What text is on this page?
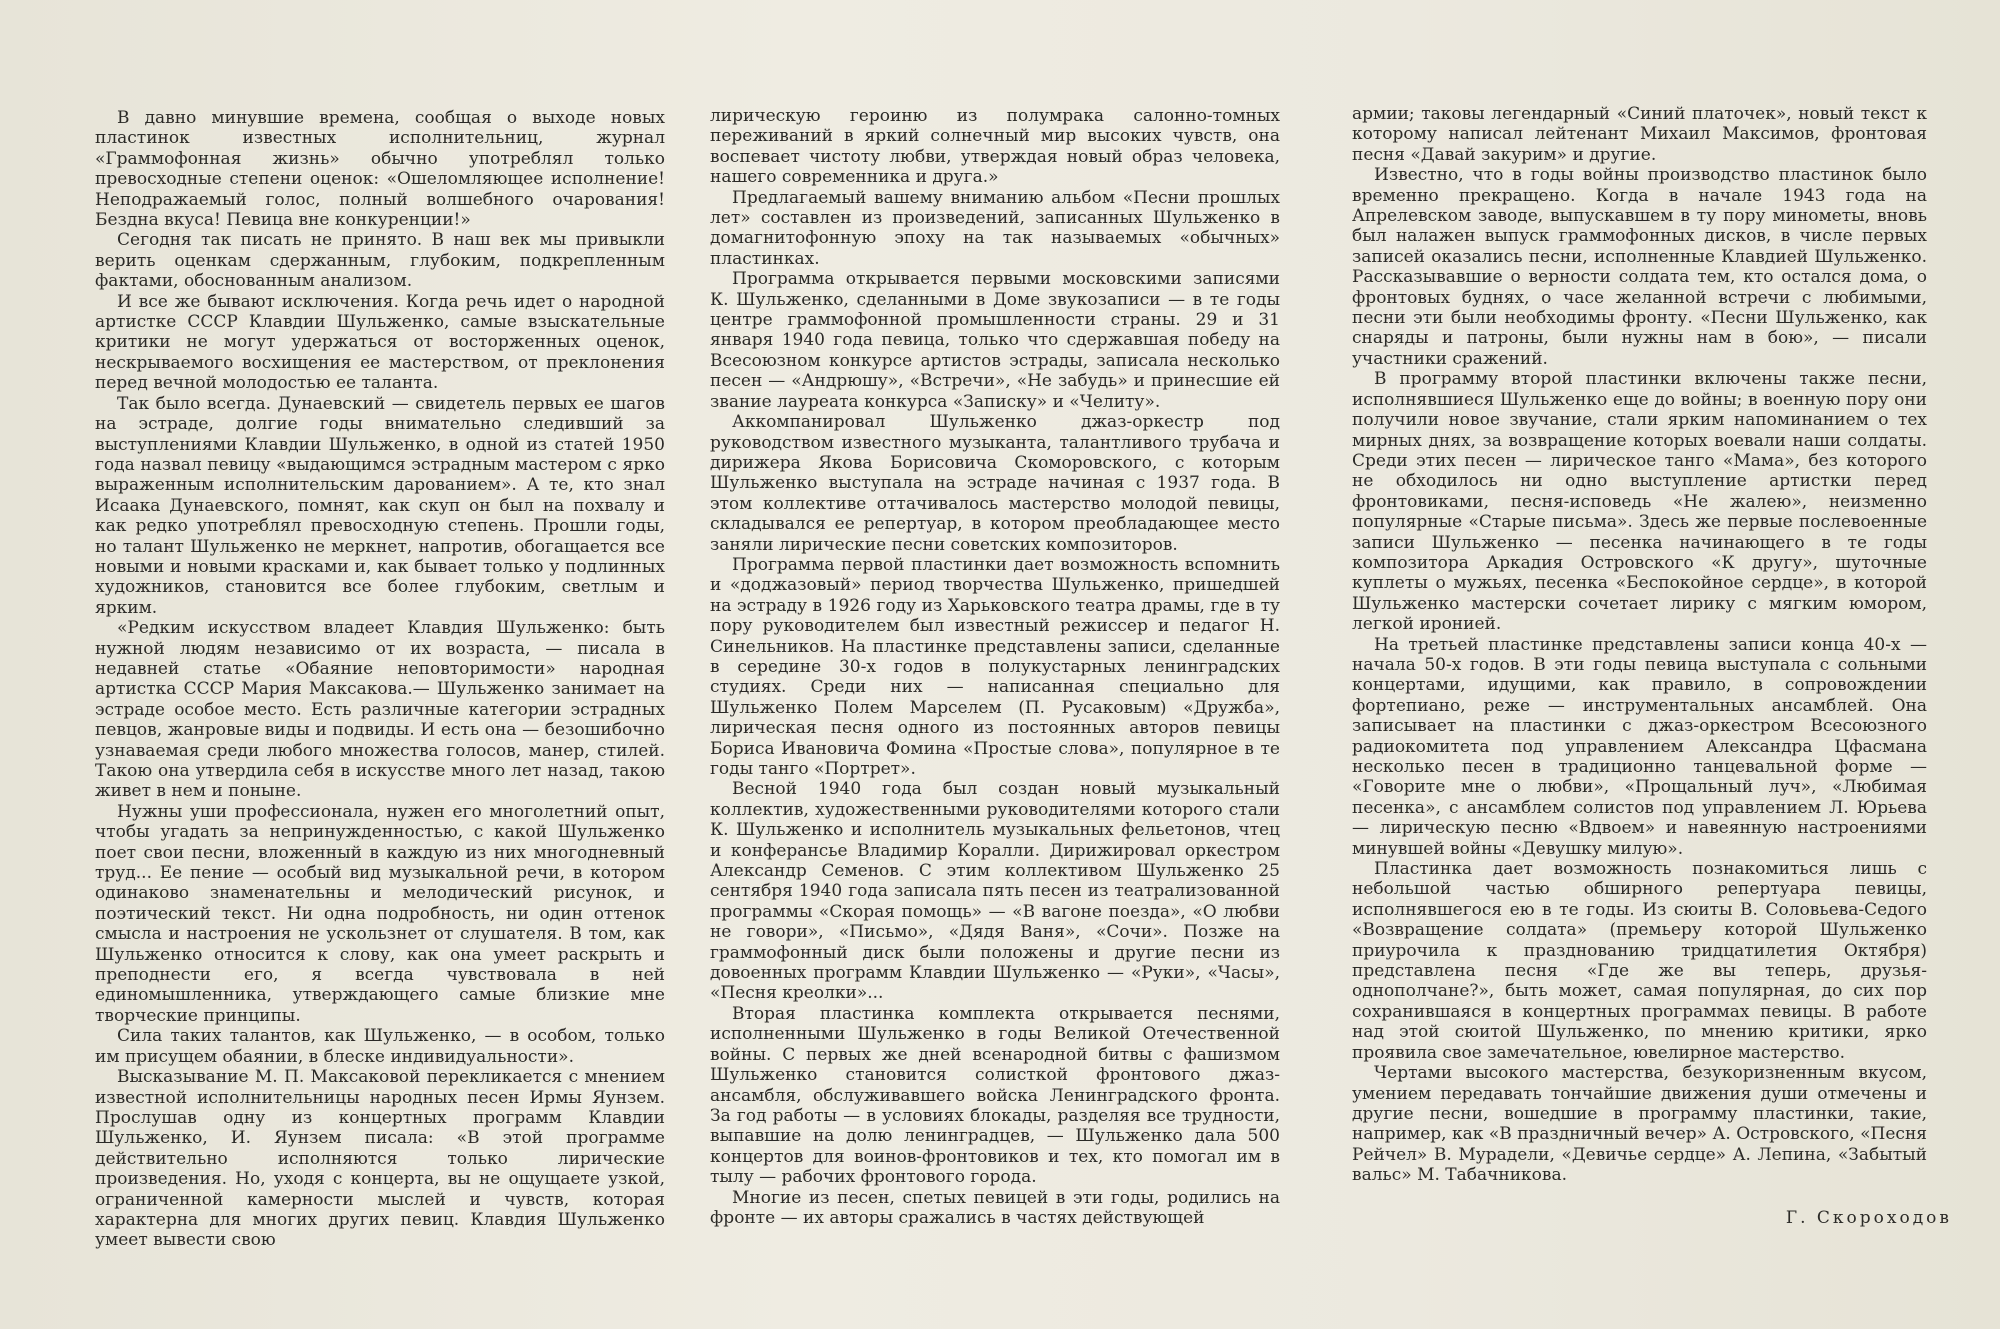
В давно минувшие времена, сообщая о выходе новых пластинок известных исполнительниц, журнал «Граммофонная жизнь» обычно употреблял только превосходные степени оценок: «Ошеломляющее исполнение! Неподражаемый голос, полный волшебного очарования! Бездна вкуса! Певица вне конкуренции!»

Сегодня так писать не принято. В наш век мы привыкли верить оценкам сдержанным, глубоким, подкрепленным фактами, обоснованным анализом.

И все же бывают исключения. Когда речь идет о народной артистке СССР Клавдии Шульженко, самые взыскательные критики не могут удержаться от восторженных оценок, нескрываемого восхищения ее мастерством, от преклонения перед вечной молодостью ее таланта.

Так было всегда. Дунаевский — свидетель первых ее шагов на эстраде, долгие годы внимательно следивший за выступлениями Клавдии Шульженко, в одной из статей 1950 года назвал певицу «выдающимся эстрадным мастером с ярко выраженным исполнительским дарованием». А те, кто знал Исаака Дунаевского, помнят, как скуп он был на похвалу и как редко употреблял превосходную степень. Прошли годы, но талант Шульженко не меркнет, напротив, обогащается все новыми и новыми красками и, как бывает только у подлинных художников, становится все более глубоким, светлым и ярким.

«Редким искусством владеет Клавдия Шульженко: быть нужной людям независимо от их возраста, — писала в недавней статье «Обаяние неповторимости» народная артистка СССР Мария Максакова.— Шульженко занимает на эстраде особое место. Есть различные категории эстрадных певцов, жанровые виды и подвиды. И есть она — безошибочно узнаваемая среди любого множества голосов, манер, стилей. Такою она утвердила себя в искусстве много лет назад, такою живет в нем и поныне.

Нужны уши профессионала, нужен его многолетний опыт, чтобы угадать за непринужденностью, с какой Шульженко поет свои песни, вложенный в каждую из них многодневный труд... Ее пение — особый вид музыкальной речи, в котором одинаково знаменательны и мелодический рисунок, и поэтический текст. Ни одна подробность, ни один оттенок смысла и настроения не ускользнет от слушателя. В том, как Шульженко относится к слову, как она умеет раскрыть и преподнести его, я всегда чувствовала в ней единомышленника, утверждающего самые близкие мне творческие принципы.

Сила таких талантов, как Шульженко, — в особом, только им присущем обаянии, в блеске индивидуальности».

Высказывание М. П. Максаковой перекликается с мнением известной исполнительницы народных песен Ирмы Яунзем. Прослушав одну из концертных программ Клавдии Шульженко, И. Яунзем писала: «В этой программе действительно исполняются только лирические произведения. Но, уходя с концерта, вы не ощущаете узкой, ограниченной камерности мыслей и чувств, которая характерна для многих других певиц. Клавдия Шульженко умеет вывести свою

лирическую героиню из полумрака салонно-томных переживаний в яркий солнечный мир высоких чувств, она воспевает чистоту любви, утверждая новый образ человека, нашего современника и друга.»

Предлагаемый вашему вниманию альбом «Песни прошлых лет» составлен из произведений, записанных Шульженко в домагнитофонную эпоху на так называемых «обычных» пластинках.

Программа открывается первыми московскими записями К. Шульженко, сделанными в Доме звукозаписи — в те годы центре граммофонной промышленности страны. 29 и 31 января 1940 года певица, только что сдержавшая победу на Всесоюзном конкурсе артистов эстрады, записала несколько песен — «Андрюшу», «Встречи», «Не забудь» и принесшие ей звание лауреата конкурса «Записку» и «Челиту».

Аккомпанировал Шульженко джаз-оркестр под руководством известного музыканта, талантливого трубача и дирижера Якова Борисовича Скоморовского, с которым Шульженко выступала на эстраде начиная с 1937 года. В этом коллективе оттачивалось мастерство молодой певицы, складывался ее репертуар, в котором преобладающее место заняли лирические песни советских композиторов.

Программа первой пластинки дает возможность вспомнить и «доджазовый» период творчества Шульженко, пришедшей на эстраду в 1926 году из Харьковского театра драмы, где в ту пору руководителем был известный режиссер и педагог Н. Синельников. На пластинке представлены записи, сделанные в середине 30-х годов в полукустарных ленинградских студиях. Среди них — написанная специально для Шульженко Полем Марселем (П. Русаковым) «Дружба», лирическая песня одного из постоянных авторов певицы Бориса Ивановича Фомина «Простые слова», популярное в те годы танго «Портрет».

Весной 1940 года был создан новый музыкальный коллектив, художественными руководителями которого стали К. Шульженко и исполнитель музыкальных фельетонов, чтец и конферансье Владимир Коралли. Дирижировал оркестром Александр Семенов. С этим коллективом Шульженко 25 сентября 1940 года записала пять песен из театрализованной программы «Скорая помощь» — «В вагоне поезда», «О любви не говори», «Письмо», «Дядя Ваня», «Сочи». Позже на граммофонный диск были положены и другие песни из довоенных программ Клавдии Шульженко — «Руки», «Часы», «Песня креолки»...

Вторая пластинка комплекта открывается песнями, исполненными Шульженко в годы Великой Отечественной войны. С первых же дней всенародной битвы с фашизмом Шульженко становится солисткой фронтового джаз-ансамбля, обслуживавшего войска Ленинградского фронта. За год работы — в условиях блокады, разделяя все трудности, выпавшие на долю ленинградцев, — Шульженко дала 500 концертов для воинов-фронтовиков и тех, кто помогал им в тылу — рабочих фронтового города.

Многие из песен, спетых певицей в эти годы, родились на фронте — их авторы сражались в частях действующей

армии; таковы легендарный «Синий платочек», новый текст к которому написал лейтенант Михаил Максимов, фронтовая песня «Давай закурим» и другие.

Известно, что в годы войны производство пластинок было временно прекращено. Когда в начале 1943 года на Апрелевском заводе, выпускавшем в ту пору минометы, вновь был налажен выпуск граммофонных дисков, в числе первых записей оказались песни, исполненные Клавдией Шульженко. Рассказывавшие о верности солдата тем, кто остался дома, о фронтовых буднях, о часе желанной встречи с любимыми, песни эти были необходимы фронту. «Песни Шульженко, как снаряды и патроны, были нужны нам в бою», — писали участники сражений.

В программу второй пластинки включены также песни, исполнявшиеся Шульженко еще до войны; в военную пору они получили новое звучание, стали ярким напоминанием о тех мирных днях, за возвращение которых воевали наши солдаты. Среди этих песен — лирическое танго «Мама», без которого не обходилось ни одно выступление артистки перед фронтовиками, песня-исповедь «Не жалею», неизменно популярные «Старые письма». Здесь же первые послевоенные записи Шульженко — песенка начинающего в те годы композитора Аркадия Островского «К другу», шуточные куплеты о мужьях, песенка «Беспокойное сердце», в которой Шульженко мастерски сочетает лирику с мягким юмором, легкой иронией.

На третьей пластинке представлены записи конца 40-х — начала 50-х годов. В эти годы певица выступала с сольными концертами, идущими, как правило, в сопровождении фортепиано, реже — инструментальных ансамблей. Она записывает на пластинки с джаз-оркестром Всесоюзного радиокомитета под управлением Александра Цфасмана несколько песен в традиционно танцевальной форме — «Говорите мне о любви», «Прощальный луч», «Любимая песенка», с ансамблем солистов под управлением Л. Юрьева — лирическую песню «Вдвоем» и навеянную настроениями минувшей войны «Девушку милую».

Пластинка дает возможность познакомиться лишь с небольшой частью обширного репертуара певицы, исполнявшегося ею в те годы. Из сюиты В. Соловьева-Седого «Возвращение солдата» (премьеру которой Шульженко приурочила к празднованию тридцатилетия Октября) представлена песня «Где же вы теперь, друзья-однополчане?», быть может, самая популярная, до сих пор сохранившаяся в концертных программах певицы. В работе над этой сюитой Шульженко, по мнению критики, ярко проявила свое замечательное, ювелирное мастерство.

Чертами высокого мастерства, безукоризненным вкусом, умением передавать тончайшие движения души отмечены и другие песни, вошедшие в программу пластинки, такие, например, как «В праздничный вечер» А. Островского, «Песня Рейчел» В. Мурадели, «Девичье сердце» А. Лепина, «Забытый вальс» М. Табачникова.

Г. Скороходов
